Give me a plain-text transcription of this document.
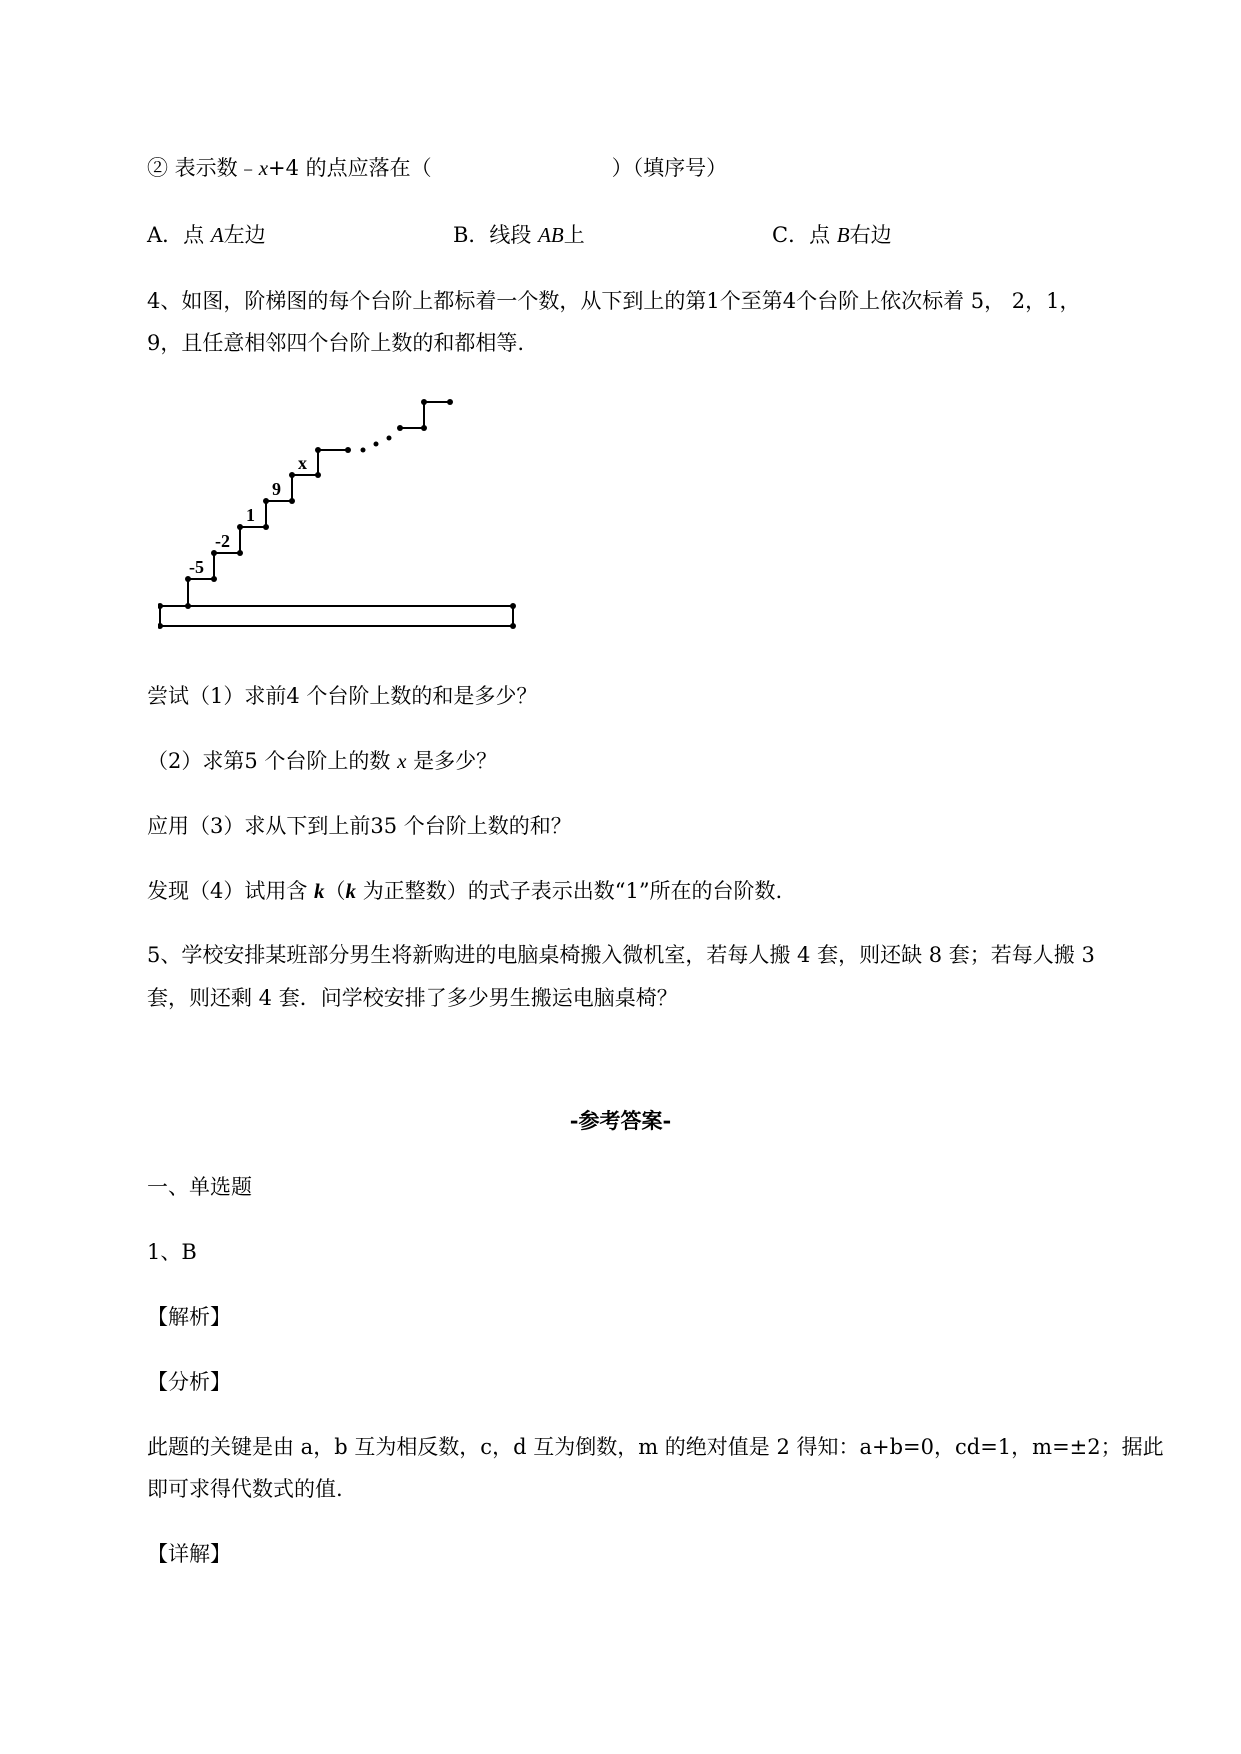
② 表示数﹣x+4 的点应落在（	）（填序号）
A．点 A左边	B．线段 AB上	C．点 B右边
4、如图，阶梯图的每个台阶上都标着一个数，从下到上的第1个至第4个台阶上依次标着 5， 2，1，
9，且任意相邻四个台阶上数的和都相等.
-5
-2
1
9
x
尝试（1）求前4 个台阶上数的和是多少？
（2）求第5 个台阶上的数 x 是多少？
应用（3）求从下到上前35 个台阶上数的和？
发现（4）试用含 k（k 为正整数）的式子表示出数“1”所在的台阶数.
5、学校安排某班部分男生将新购进的电脑桌椅搬入微机室，若每人搬 4 套，则还缺 8 套；若每人搬 3
套，则还剩 4 套．问学校安排了多少男生搬运电脑桌椅？
-参考答案-
一、单选题
1、B
【解析】
【分析】
此题的关键是由 a，b 互为相反数，c，d 互为倒数，m 的绝对值是 2 得知：a+b=0，cd=1，m=±2；据此
即可求得代数式的值.
【详解】
